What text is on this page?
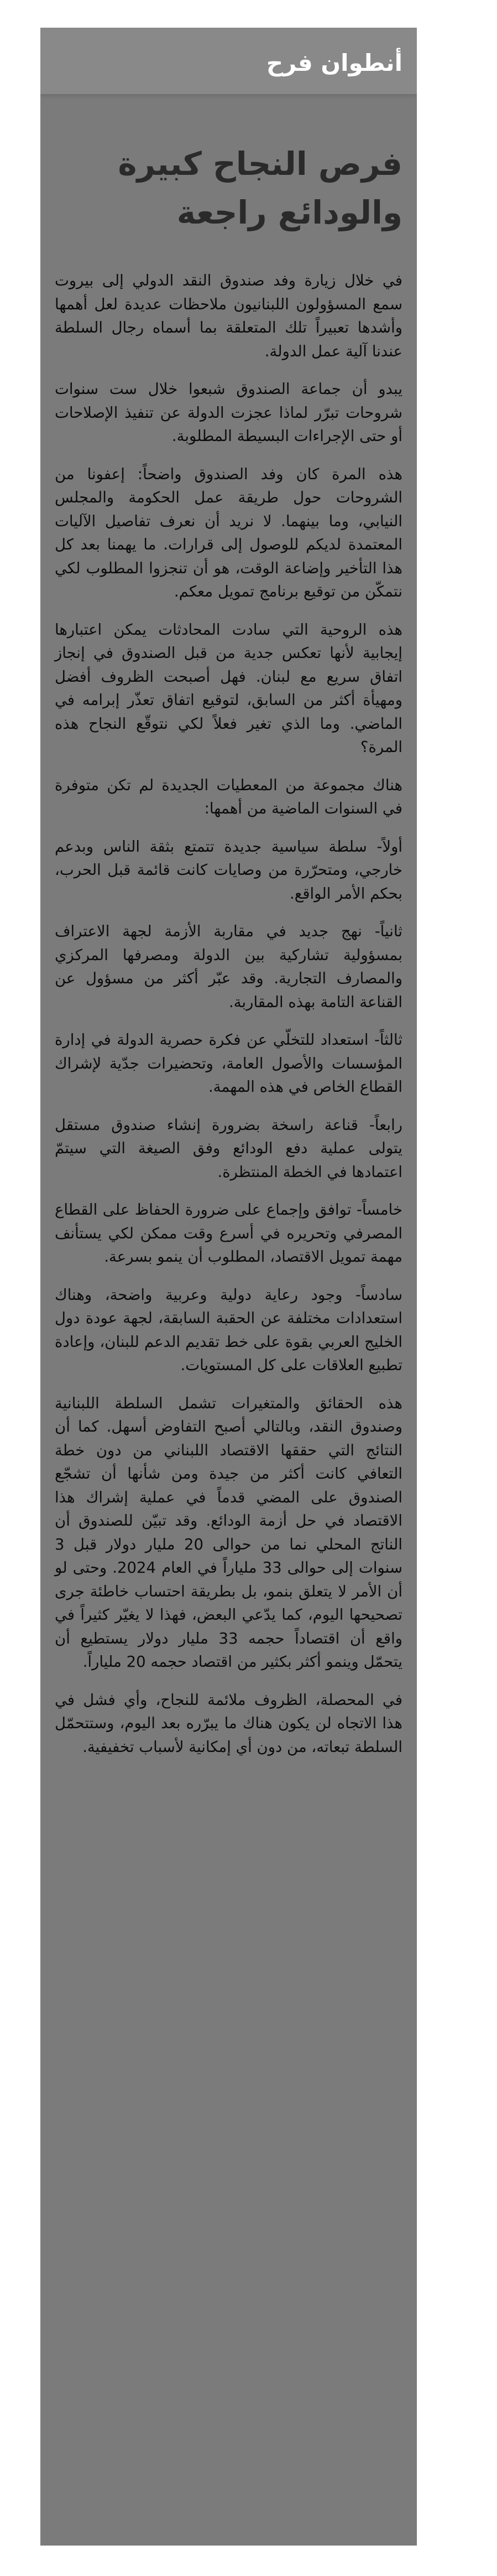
أنطوان فرح
فرص النجاح كبيرة والودائع راجعة

في خلال زيارة وفد صندوق النقد الدولي إلى بيروت سمع المسؤولون اللبنانيون ملاحظات عديدة لعل أهمها وأشدها تعبيراً تلك المتعلقة بما أسماه رجال السلطة عندنا آلية عمل الدولة.

يبدو أن جماعة الصندوق شبعوا خلال ست سنوات شروحات تبرّر لماذا عجزت الدولة عن تنفيذ الإصلاحات أو حتى الإجراءات البسيطة المطلوبة.

هذه المرة كان وفد الصندوق واضحاً: إعفونا من الشروحات حول طريقة عمل الحكومة والمجلس النيابي، وما بينهما. لا نريد أن نعرف تفاصيل الآليات المعتمدة لديكم للوصول إلى قرارات. ما يهمنا بعد كل هذا التأخير وإضاعة الوقت، هو أن تنجزوا المطلوب لكي نتمكّن من توقيع برنامج تمويل معكم.

هذه الروحية التي سادت المحادثات يمكن اعتبارها إيجابية لأنها تعكس جدية من قبل الصندوق في إنجاز اتفاق سريع مع لبنان. فهل أصبحت الظروف أفضل ومهيأة أكثر من السابق، لتوقيع اتفاق تعذّر إبرامه في الماضي. وما الذي تغير فعلاً لكي نتوقّع النجاح هذه المرة؟

هناك مجموعة من المعطيات الجديدة لم تكن متوفرة في السنوات الماضية من أهمها:

أولاً- سلطة سياسية جديدة تتمتع بثقة الناس وبدعم خارجي، ومتحرّرة من وصايات كانت قائمة قبل الحرب، بحكم الأمر الواقع.

ثانياً- نهج جديد في مقاربة الأزمة لجهة الاعتراف بمسؤولية تشاركية بين الدولة ومصرفها المركزي والمصارف التجارية. وقد عبّر أكثر من مسؤول عن القناعة التامة بهذه المقاربة.

ثالثاً- استعداد للتخلّي عن فكرة حصرية الدولة في إدارة المؤسسات والأصول العامة، وتحضيرات جدّية لإشراك القطاع الخاص في هذه المهمة.

رابعاً- قناعة راسخة بضرورة إنشاء صندوق مستقل يتولى عملية دفع الودائع وفق الصيغة التي سيتمّ اعتمادها في الخطة المنتظرة.

خامساً- توافق وإجماع على ضرورة الحفاظ على القطاع المصرفي وتحريره في أسرع وقت ممكن لكي يستأنف مهمة تمويل الاقتصاد، المطلوب أن ينمو بسرعة.

سادساً- وجود رعاية دولية وعربية واضحة، وهناك استعدادات مختلفة عن الحقبة السابقة، لجهة عودة دول الخليج العربي بقوة على خط تقديم الدعم للبنان، وإعادة تطبيع العلاقات على كل المستويات.

هذه الحقائق والمتغيرات تشمل السلطة اللبنانية وصندوق النقد، وبالتالي أصبح التفاوض أسهل. كما أن النتائج التي حققها الاقتصاد اللبناني من دون خطة التعافي كانت أكثر من جيدة ومن شأنها أن تشجّع الصندوق على المضي قدماً في عملية إشراك هذا الاقتصاد في حل أزمة الودائع. وقد تبيّن للصندوق أن الناتج المحلي نما من حوالى 20 مليار دولار قبل 3 سنوات إلى حوالى 33 ملياراً في العام 2024. وحتى لو أن الأمر لا يتعلق بنمو، بل بطريقة احتساب خاطئة جرى تصحيحها اليوم، كما يدّعي البعض، فهذا لا يغيّر كثيراً في واقع أن اقتصاداً حجمه 33 مليار دولار يستطيع أن يتحمّل وينمو أكثر بكثير من اقتصاد حجمه 20 ملياراً.

في المحصلة، الظروف ملائمة للنجاح، وأي فشل في هذا الاتجاه لن يكون هناك ما يبرّره بعد اليوم، وستتحمّل السلطة تبعاته، من دون أي إمكانية لأسباب تخفيفية.
